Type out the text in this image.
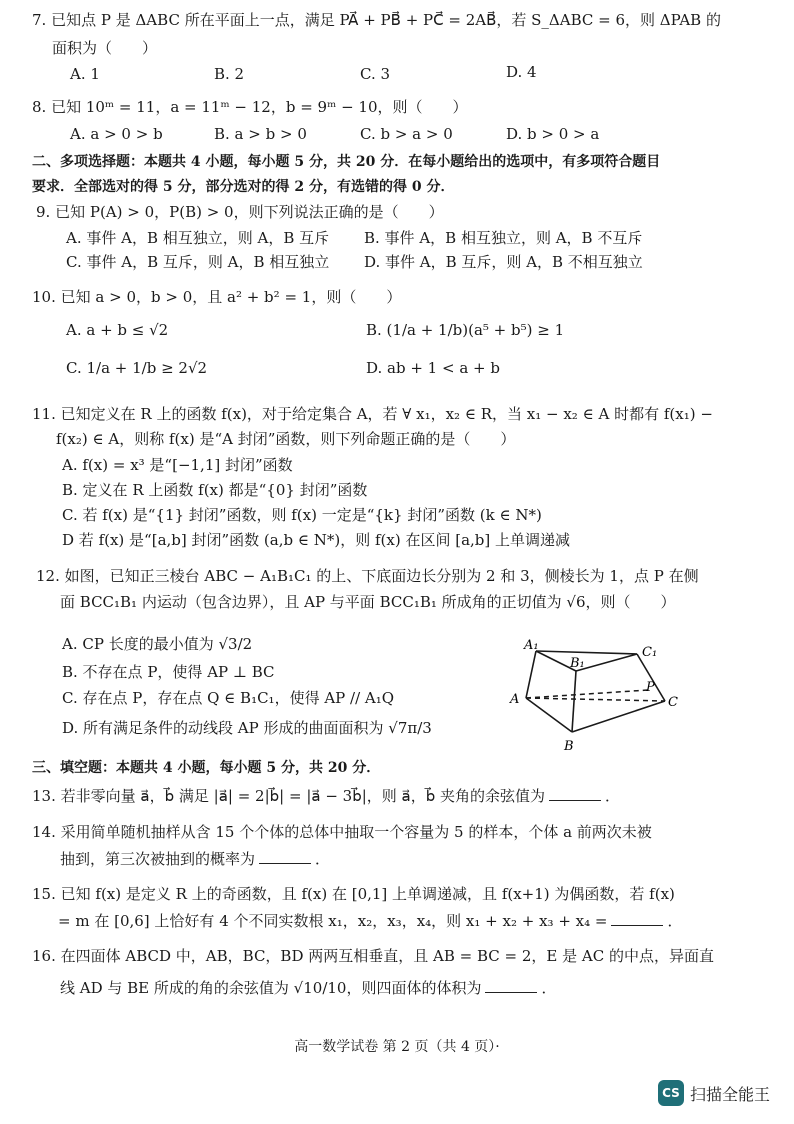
7. 已知点 P 是 ΔABC 所在平面上一点，满足 PA⃗ + PB⃗ + PC⃗ = 2AB⃗，若 S_ΔABC = 6，则 ΔPAB 的
面积为（　　）
A. 1	B. 2	C. 3	D. 4
8. 已知 10ᵐ = 11，a = 11ᵐ − 12，b = 9ᵐ − 10，则（　　）
A. a > 0 > b	B. a > b > 0	C. b > a > 0	D. b > 0 > a
二、多项选择题：本题共 4 小题，每小题 5 分，共 20 分．在每小题给出的选项中，有多项符合题目
要求．全部选对的得 5 分，部分选对的得 2 分，有选错的得 0 分．
9. 已知 P(A) > 0，P(B) > 0，则下列说法正确的是（　　）
A. 事件 A，B 相互独立，则 A，B 互斥 B. 事件 A，B 相互独立，则 A，B 不互斥
C. 事件 A，B 互斥，则 A，B 相互独立 D. 事件 A，B 互斥，则 A，B 不相互独立
10. 已知 a > 0，b > 0，且 a² + b² = 1，则（　　）
A. a + b ≤ √2	B. (1/a + 1/b)(a⁵ + b⁵) ≥ 1
C. 1/a + 1/b ≥ 2√2	D. ab + 1 < a + b
11. 已知定义在 R 上的函数 f(x)，对于给定集合 A，若 ∀ x₁，x₂ ∈ R，当 x₁ − x₂ ∈ A 时都有 f(x₁) −
f(x₂) ∈ A，则称 f(x) 是“A 封闭”函数，则下列命题正确的是（　　）
A. f(x) = x³ 是“[−1,1] 封闭”函数
B. 定义在 R 上函数 f(x) 都是“{0} 封闭”函数
C. 若 f(x) 是“{1} 封闭”函数，则 f(x) 一定是“{k} 封闭”函数 (k ∈ N*)
D 若 f(x) 是“[a,b] 封闭”函数 (a,b ∈ N*)，则 f(x) 在区间 [a,b] 上单调递减
12. 如图，已知正三棱台 ABC − A₁B₁C₁ 的上、下底面边长分别为 2 和 3，侧棱长为 1，点 P 在侧
面 BCC₁B₁ 内运动（包含边界），且 AP 与平面 BCC₁B₁ 所成角的正切值为 √6，则（　　）
A. CP 长度的最小值为 √3/2
B. 不存在点 P，使得 AP ⊥ BC
C. 存在点 P，存在点 Q ∈ B₁C₁，使得 AP // A₁Q
D. 所有满足条件的动线段 AP 形成的曲面面积为 √7π/3
A₁
B₁
C₁
A
P
C
B
三、填空题：本题共 4 小题，每小题 5 分，共 20 分．
13. 若非零向量 a⃗，b⃗ 满足 |a⃗| = 2|b⃗| = |a⃗ − 3b⃗|，则 a⃗，b⃗ 夹角的余弦值为	．
14. 采用简单随机抽样从含 15 个个体的总体中抽取一个容量为 5 的样本，个体 a 前两次未被
抽到，第三次被抽到的概率为	．
15. 已知 f(x) 是定义 R 上的奇函数，且 f(x) 在 [0,1] 上单调递减，且 f(x+1) 为偶函数，若 f(x)
= m 在 [0,6] 上恰好有 4 个不同实数根 x₁，x₂，x₃，x₄，则 x₁ + x₂ + x₃ + x₄ =	．
16. 在四面体 ABCD 中，AB，BC，BD 两两互相垂直，且 AB = BC = 2，E 是 AC 的中点，异面直
线 AD 与 BE 所成的角的余弦值为 √10/10，则四面体的体积为	．
高一数学试卷 第 2 页（共 4 页）·
CS 扫描全能王
